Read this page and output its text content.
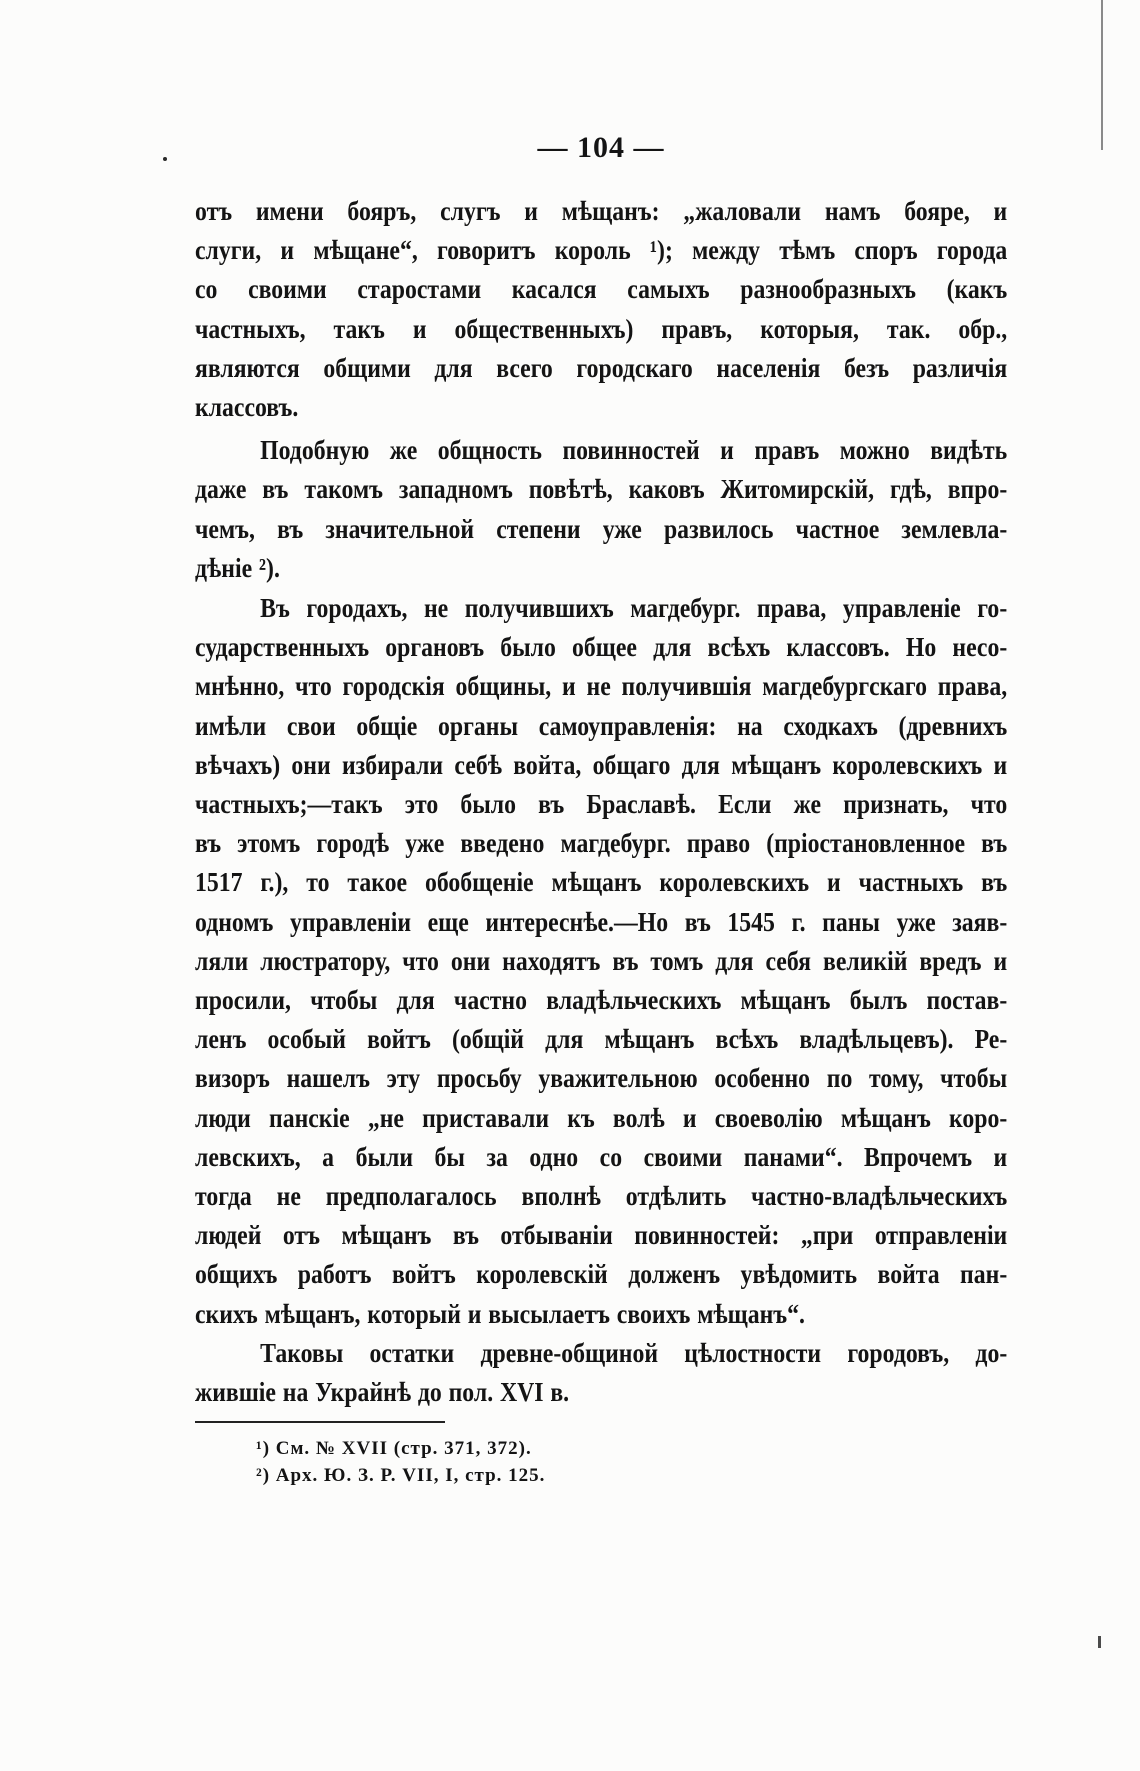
— 104 —
отъ имени бояръ, слугъ и мѣщанъ: „жаловали намъ бояре, и
слуги, и мѣщане“, говоритъ король ¹); между тѣмъ споръ города
со своими старостами касался самыхъ разнообразныхъ (какъ
частныхъ, такъ и общественныхъ) правъ, которыя, так. обр.,
являются общими для всего городскаго населенія безъ различія
классовъ.
Подобную же общность повинностей и правъ можно видѣть
даже въ такомъ западномъ повѣтѣ, каковъ Житомирскій, гдѣ, впро-
чемъ, въ значительной степени уже развилось частное землевла-
дѣніе ²).
Въ городахъ, не получившихъ магдебург. права, управленіе го-
сударственныхъ органовъ было общее для всѣхъ классовъ. Но несо-
мнѣнно, что городскія общины, и не получившія магдебургскаго права,
имѣли свои общіе органы самоуправленія: на сходкахъ (древнихъ
вѣчахъ) они избирали себѣ войта, общаго для мѣщанъ королевскихъ и
частныхъ;—такъ это было въ Браславѣ. Если же признать, что
въ этомъ городѣ уже введено магдебург. право (пріостановленное въ
1517 г.), то такое обобщеніе мѣщанъ королевскихъ и частныхъ въ
одномъ управленіи еще интереснѣе.—Но въ 1545 г. паны уже заяв-
ляли люстратору, что они находятъ въ томъ для себя великій вредъ и
просили, чтобы для частно владѣльческихъ мѣщанъ былъ постав-
ленъ особый войтъ (общій для мѣщанъ всѣхъ владѣльцевъ). Ре-
визоръ нашелъ эту просьбу уважительною особенно по тому, чтобы
люди панскіе „не приставали къ волѣ и своеволію мѣщанъ коро-
левскихъ, а были бы за одно со своими панами“. Впрочемъ и
тогда не предполагалось вполнѣ отдѣлить частно-владѣльческихъ
людей отъ мѣщанъ въ отбываніи повинностей: „при отправленіи
общихъ работъ войтъ королевскій долженъ увѣдомить войта пан-
скихъ мѣщанъ, который и высылаетъ своихъ мѣщанъ“.
Таковы остатки древне-общиной цѣлостности городовъ, до-
жившіе на Украйнѣ до пол. XVI в.
¹) См. № XVII (стр. 371, 372).
²) Арх. Ю. З. Р. VII, I, стр. 125.
